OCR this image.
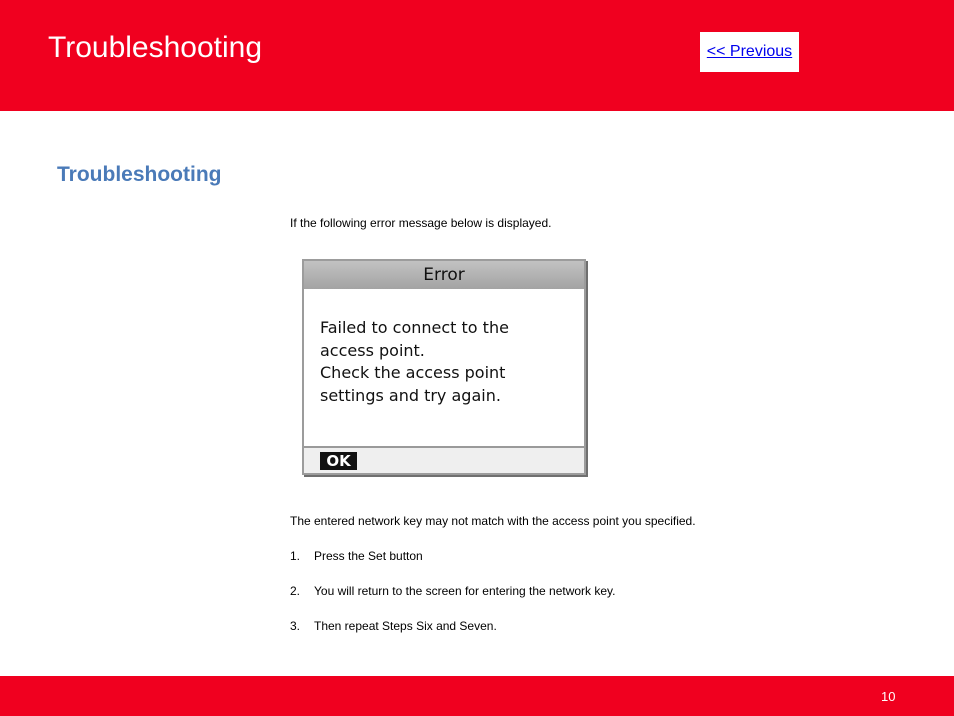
Troubleshooting	<< Previous
Troubleshooting
If the following error message below is displayed.
Error
Failed to connect to the
access point.
Check the access point
settings and try again.
OK
The entered network key may not match with the access point you specified.
1. Press the Set button
2. You will return to the screen for entering the network key.
3. Then repeat Steps Six and Seven.
10
